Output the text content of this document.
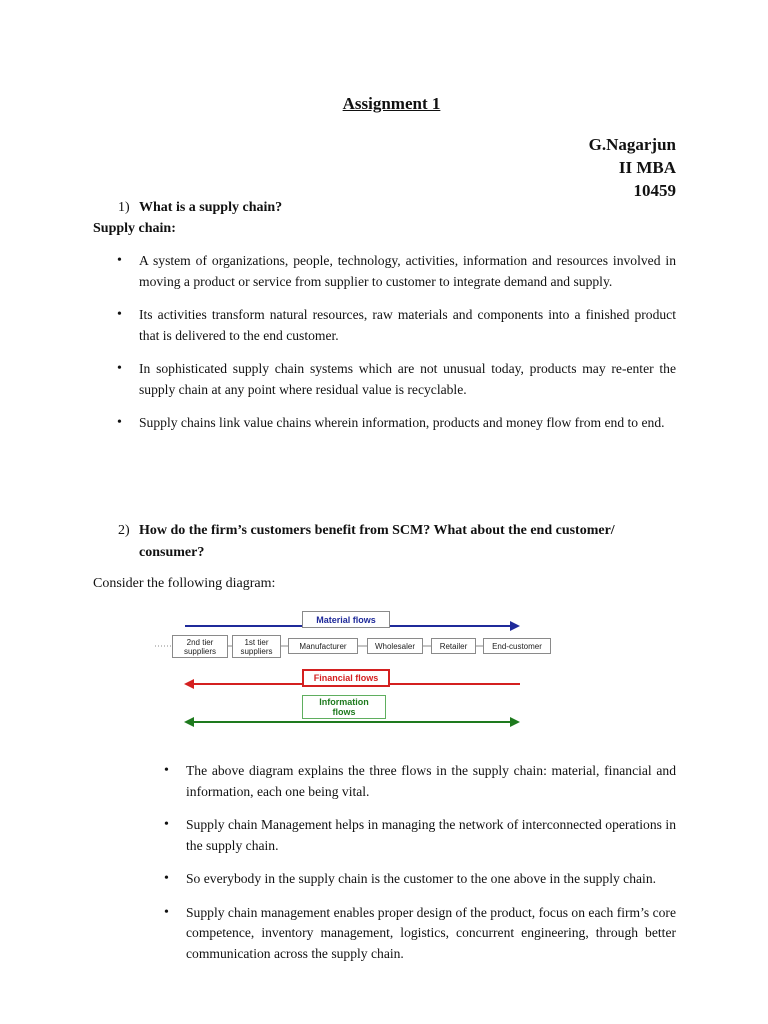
Assignment 1
G.Nagarjun
II MBA
10459
1) What is a supply chain?
Supply chain:
• A system of organizations, people, technology, activities, information and resources involved in moving a product or service from supplier to customer to integrate demand and supply.
• Its activities transform natural resources, raw materials and components into a finished product that is delivered to the end customer.
• In sophisticated supply chain systems which are not unusual today, products may re-enter the supply chain at any point where residual value is recyclable.
• Supply chains link value chains wherein information, products and money flow from end to end.
2) How do the firm’s customers benefit from SCM? What about the end customer/ consumer?
Consider the following diagram:
Material flows
2nd tier suppliers
1st tier suppliers
Manufacturer	Wholesaler	Retailer	End-customer
Financial flows
Information flows
• The above diagram explains the three flows in the supply chain: material, financial and information, each one being vital.
• Supply chain Management helps in managing the network of interconnected operations in the supply chain.
• So everybody in the supply chain is the customer to the one above in the supply chain.
• Supply chain management enables proper design of the product, focus on each firm’s core competence, inventory management, logistics, concurrent engineering, through better communication across the supply chain.
